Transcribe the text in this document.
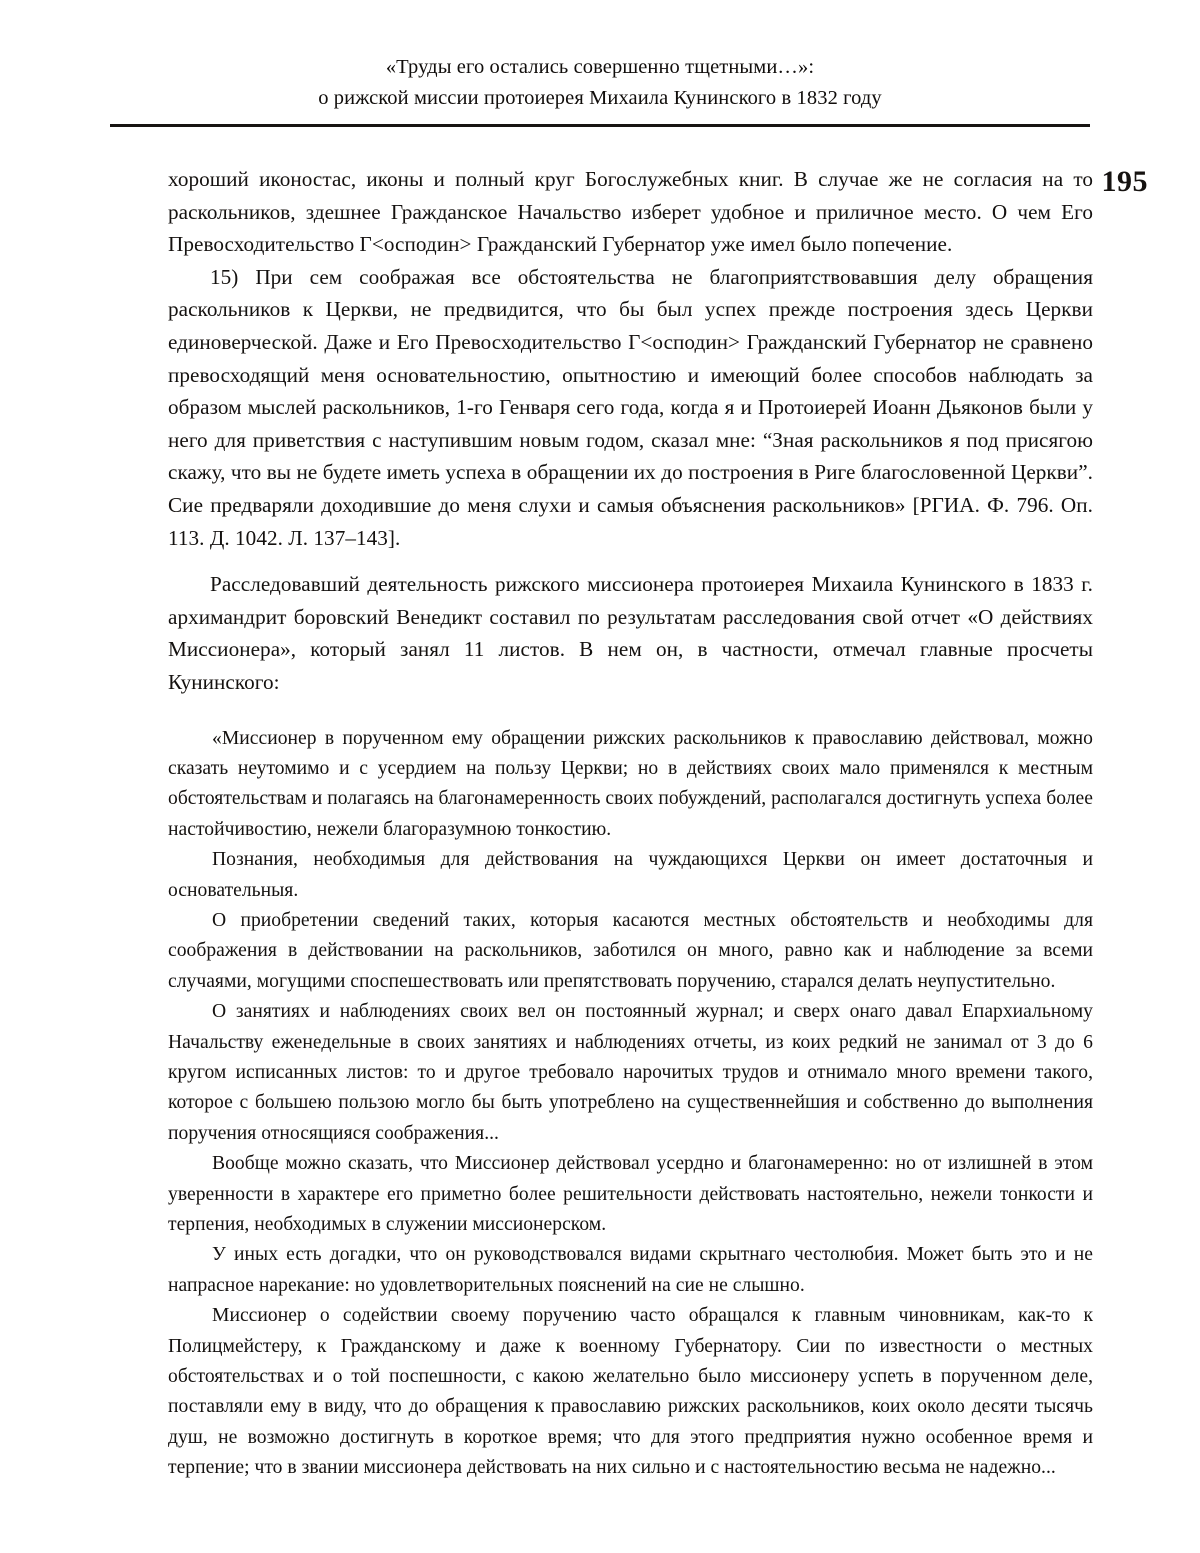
«Труды его остались совершенно тщетными…»:
о рижской миссии протоиерея Михаила Кунинского в 1832 году
195

хороший иконостас, иконы и полный круг Богослужебных книг. В случае же не согласия на то раскольников, здешнее Гражданское Начальство изберет удобное и приличное место. О чем Его Превосходительство Г<осподин> Гражданский Губернатор уже имел было попечение.

15) При сем соображая все обстоятельства не благоприятствовавшия делу обращения раскольников к Церкви, не предвидится, что бы был успех прежде построения здесь Церкви единоверческой. Даже и Его Превосходительство Г<осподин> Гражданский Губернатор не сравнено превосходящий меня основательностию, опытностию и имеющий более способов наблюдать за образом мыслей раскольников, 1-го Генваря сего года, когда я и Протоиерей Иоанн Дьяконов были у него для приветствия с наступившим новым годом, сказал мне: “Зная раскольников я под присягою скажу, что вы не будете иметь успеха в обращении их до построения в Риге благословенной Церкви”. Сие предваряли доходившие до меня слухи и самыя объяснения раскольников» [РГИА. Ф. 796. Оп. 113. Д. 1042. Л. 137–143].

Расследовавший деятельность рижского миссионера протоиерея Михаила Кунинского в 1833 г. архимандрит боровский Венедикт составил по результатам расследования свой отчет «О действиях Миссионера», который занял 11 листов. В нем он, в частности, отмечал главные просчеты Кунинского:

«Миссионер в порученном ему обращении рижских раскольников к православию действовал, можно сказать неутомимо и с усердием на пользу Церкви; но в действиях своих мало применялся к местным обстоятельствам и полагаясь на благонамеренность своих побуждений, располагался достигнуть успеха более настойчивостию, нежели благоразумною тонкостию.

Познания, необходимыя для действования на чуждающихся Церкви он имеет достаточныя и основательныя.

О приобретении сведений таких, которыя касаются местных обстоятельств и необходимы для соображения в действовании на раскольников, заботился он много, равно как и наблюдение за всеми случаями, могущими споспешествовать или препятствовать поручению, старался делать неупустительно.

О занятиях и наблюдениях своих вел он постоянный журнал; и сверх онаго давал Епархиальному Начальству еженедельные в своих занятиях и наблюдениях отчеты, из коих редкий не занимал от 3 до 6 кругом исписанных листов: то и другое требовало нарочитых трудов и отнимало много времени такого, которое с большею пользою могло бы быть употреблено на существеннейшия и собственно до выполнения поручения относящияся соображения...

Вообще можно сказать, что Миссионер действовал усердно и благонамеренно: но от излишней в этом уверенности в характере его приметно более решительности действовать настоятельно, нежели тонкости и терпения, необходимых в служении миссионерском.

У иных есть догадки, что он руководствовался видами скрытнаго честолюбия. Может быть это и не напрасное нарекание: но удовлетворительных пояснений на сие не слышно.

Миссионер о содействии своему поручению часто обращался к главным чиновникам, как-то к Полицмейстеру, к Гражданскому и даже к военному Губернатору. Сии по известности о местных обстоятельствах и о той поспешности, с какою желательно было миссионеру успеть в порученном деле, поставляли ему в виду, что до обращения к православию рижских раскольников, коих около десяти тысячь душ, не возможно достигнуть в короткое время; что для этого предприятия нужно особенное время и терпение; что в звании миссионера действовать на них сильно и с настоятельностию весьма не надежно...
